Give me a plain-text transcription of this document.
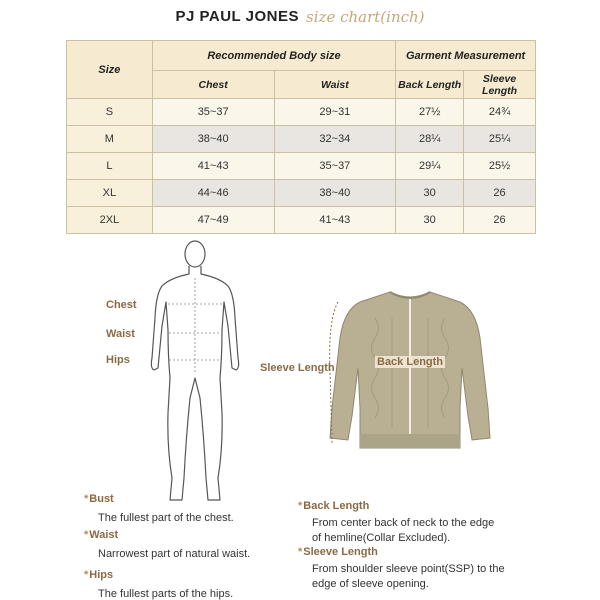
PJ PAUL JONES size chart(inch)
Size	Recommended Body size		Garment Measurement	
	Chest	Waist	Back Length	Sleeve Length
S	35~37	29~31	27½	24¾
M	38~40	32~34	28¼	25¼
L	41~43	35~37	29¼	25½
XL	44~46	38~40	30	26
2XL	47~49	41~43	30	26
Chest
Waist
Hips
Sleeve Length	Back Length
*Bust
The fullest part of the chest.
*Waist
Narrowest part of natural waist.
*Hips
The fullest parts of the hips.
*Back Length
From center back of neck to the edge
of hemline(Collar Excluded).
*Sleeve Length
From shoulder sleeve point(SSP) to the
edge of sleeve opening.
